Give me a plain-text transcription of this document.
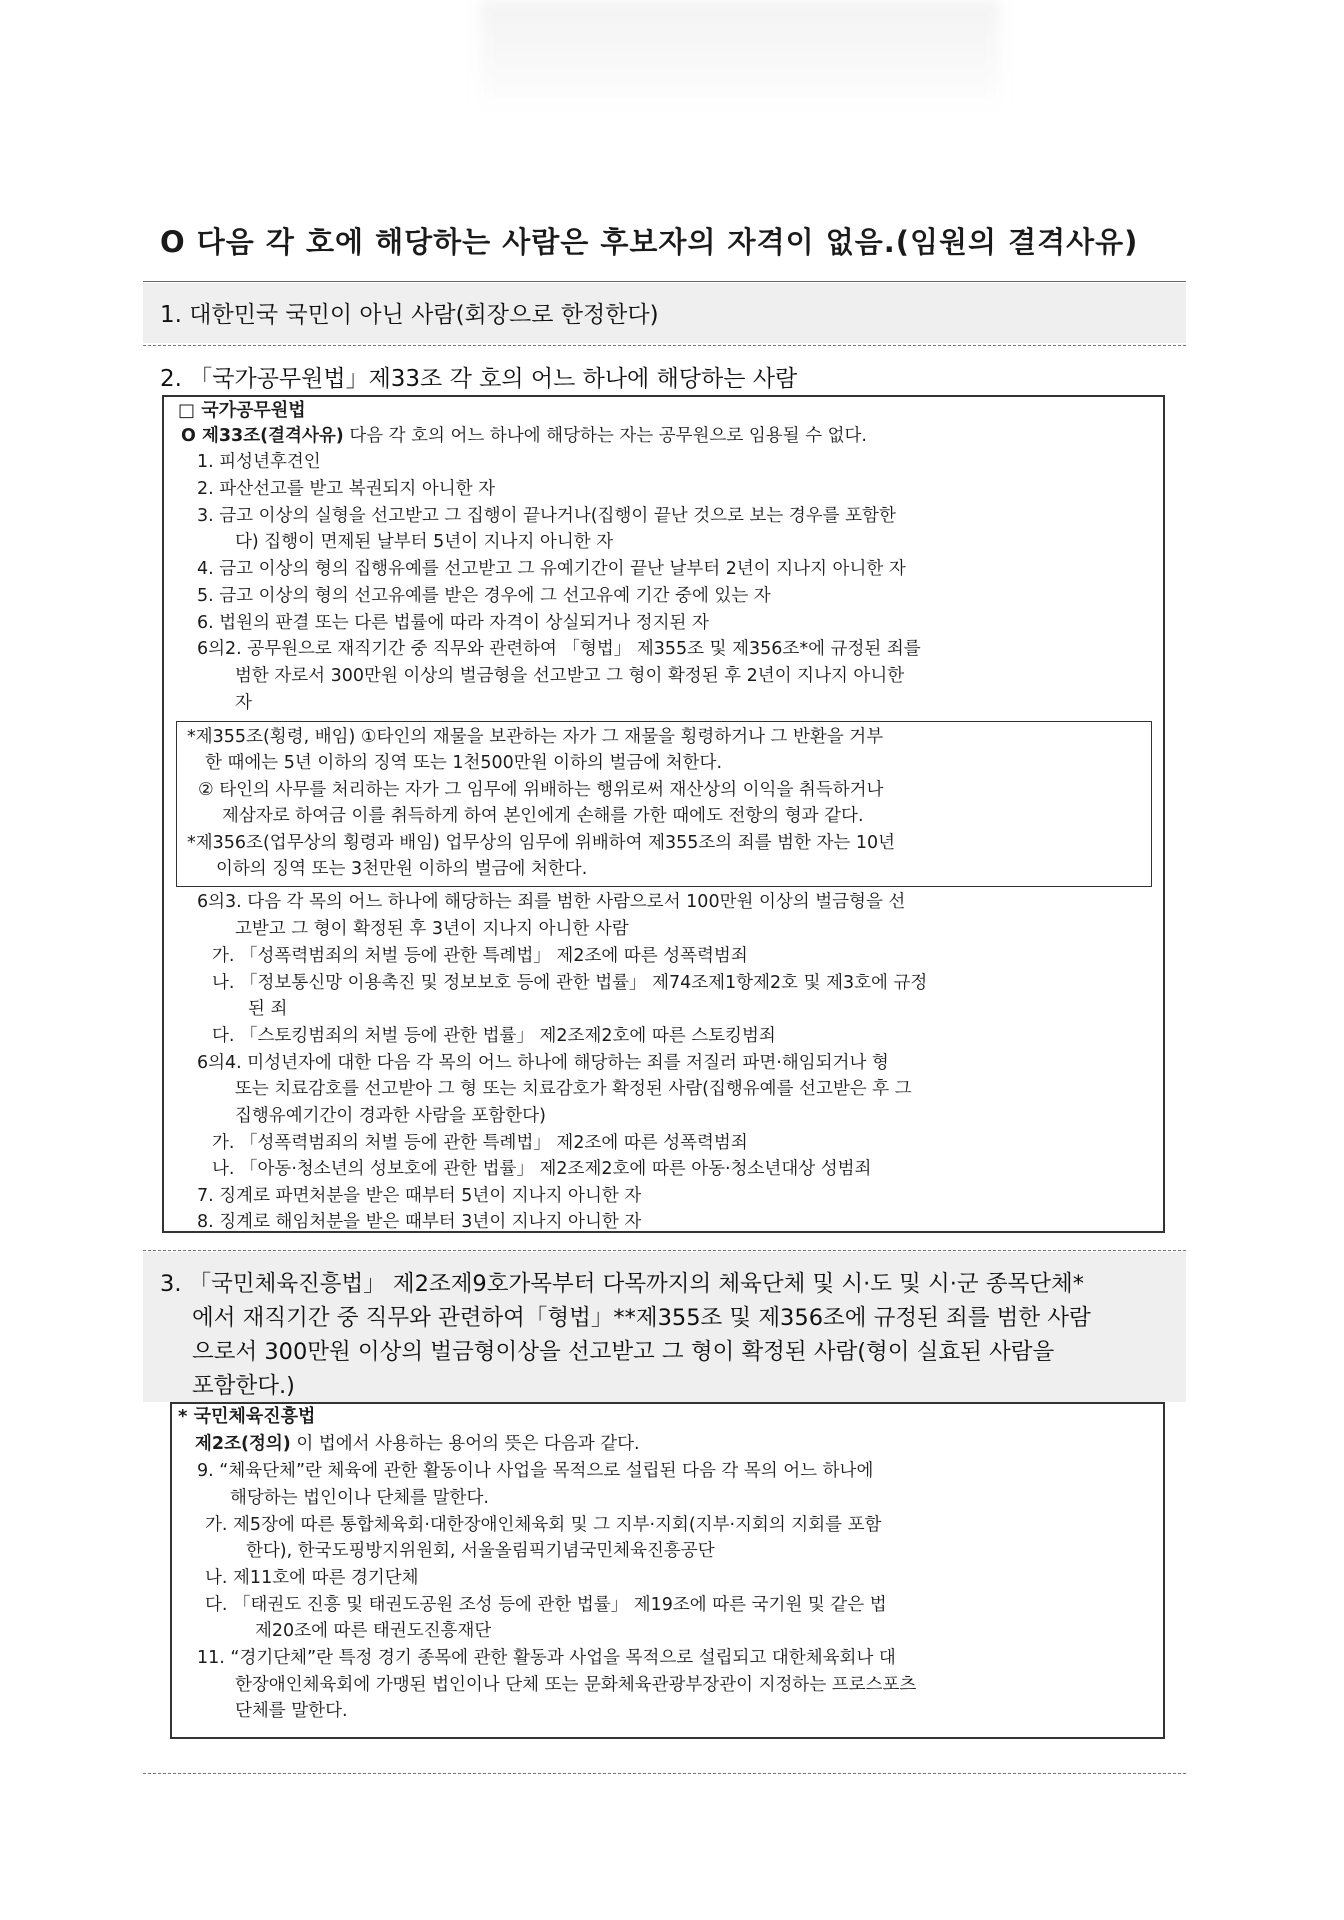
O 다음 각 호에 해당하는 사람은 후보자의 자격이 없음.(임원의 결격사유)
1. 대한민국 국민이 아닌 사람(회장으로 한정한다)
2. 「국가공무원법」제33조 각 호의 어느 하나에 해당하는 사람
□ 국가공무원법
O 제33조(결격사유) 다음 각 호의 어느 하나에 해당하는 자는 공무원으로 임용될 수 없다.
1. 피성년후견인
2. 파산선고를 받고 복권되지 아니한 자
3. 금고 이상의 실형을 선고받고 그 집행이 끝나거나(집행이 끝난 것으로 보는 경우를 포함한
다) 집행이 면제된 날부터 5년이 지나지 아니한 자
4. 금고 이상의 형의 집행유예를 선고받고 그 유예기간이 끝난 날부터 2년이 지나지 아니한 자
5. 금고 이상의 형의 선고유예를 받은 경우에 그 선고유예 기간 중에 있는 자
6. 법원의 판결 또는 다른 법률에 따라 자격이 상실되거나 정지된 자
6의2. 공무원으로 재직기간 중 직무와 관련하여 「형법」 제355조 및 제356조*에 규정된 죄를
범한 자로서 300만원 이상의 벌금형을 선고받고 그 형이 확정된 후 2년이 지나지 아니한
자
*제355조(횡령, 배임) ①타인의 재물을 보관하는 자가 그 재물을 횡령하거나 그 반환을 거부
한 때에는 5년 이하의 징역 또는 1천500만원 이하의 벌금에 처한다.
② 타인의 사무를 처리하는 자가 그 임무에 위배하는 행위로써 재산상의 이익을 취득하거나
제삼자로 하여금 이를 취득하게 하여 본인에게 손해를 가한 때에도 전항의 형과 같다.
*제356조(업무상의 횡령과 배임) 업무상의 임무에 위배하여 제355조의 죄를 범한 자는 10년
이하의 징역 또는 3천만원 이하의 벌금에 처한다.
6의3. 다음 각 목의 어느 하나에 해당하는 죄를 범한 사람으로서 100만원 이상의 벌금형을 선
고받고 그 형이 확정된 후 3년이 지나지 아니한 사람
가. 「성폭력범죄의 처벌 등에 관한 특례법」 제2조에 따른 성폭력범죄
나. 「정보통신망 이용촉진 및 정보보호 등에 관한 법률」 제74조제1항제2호 및 제3호에 규정
된 죄
다. 「스토킹범죄의 처벌 등에 관한 법률」 제2조제2호에 따른 스토킹범죄
6의4. 미성년자에 대한 다음 각 목의 어느 하나에 해당하는 죄를 저질러 파면·해임되거나 형
또는 치료감호를 선고받아 그 형 또는 치료감호가 확정된 사람(집행유예를 선고받은 후 그
집행유예기간이 경과한 사람을 포함한다)
가. 「성폭력범죄의 처벌 등에 관한 특례법」 제2조에 따른 성폭력범죄
나. 「아동·청소년의 성보호에 관한 법률」 제2조제2호에 따른 아동·청소년대상 성범죄
7. 징계로 파면처분을 받은 때부터 5년이 지나지 아니한 자
8. 징계로 해임처분을 받은 때부터 3년이 지나지 아니한 자
3. 「국민체육진흥법」 제2조제9호가목부터 다목까지의 체육단체 및 시·도 및 시·군 종목단체*
에서 재직기간 중 직무와 관련하여「형법」**제355조 및 제356조에 규정된 죄를 범한 사람
으로서 300만원 이상의 벌금형이상을 선고받고 그 형이 확정된 사람(형이 실효된 사람을
포함한다.)
* 국민체육진흥법
제2조(정의) 이 법에서 사용하는 용어의 뜻은 다음과 같다.
9. “체육단체”란 체육에 관한 활동이나 사업을 목적으로 설립된 다음 각 목의 어느 하나에
해당하는 법인이나 단체를 말한다.
가. 제5장에 따른 통합체육회·대한장애인체육회 및 그 지부·지회(지부·지회의 지회를 포함
한다), 한국도핑방지위원회, 서울올림픽기념국민체육진흥공단
나. 제11호에 따른 경기단체
다. 「태권도 진흥 및 태권도공원 조성 등에 관한 법률」 제19조에 따른 국기원 및 같은 법
제20조에 따른 태권도진흥재단
11. “경기단체”란 특정 경기 종목에 관한 활동과 사업을 목적으로 설립되고 대한체육회나 대
한장애인체육회에 가맹된 법인이나 단체 또는 문화체육관광부장관이 지정하는 프로스포츠
단체를 말한다.
